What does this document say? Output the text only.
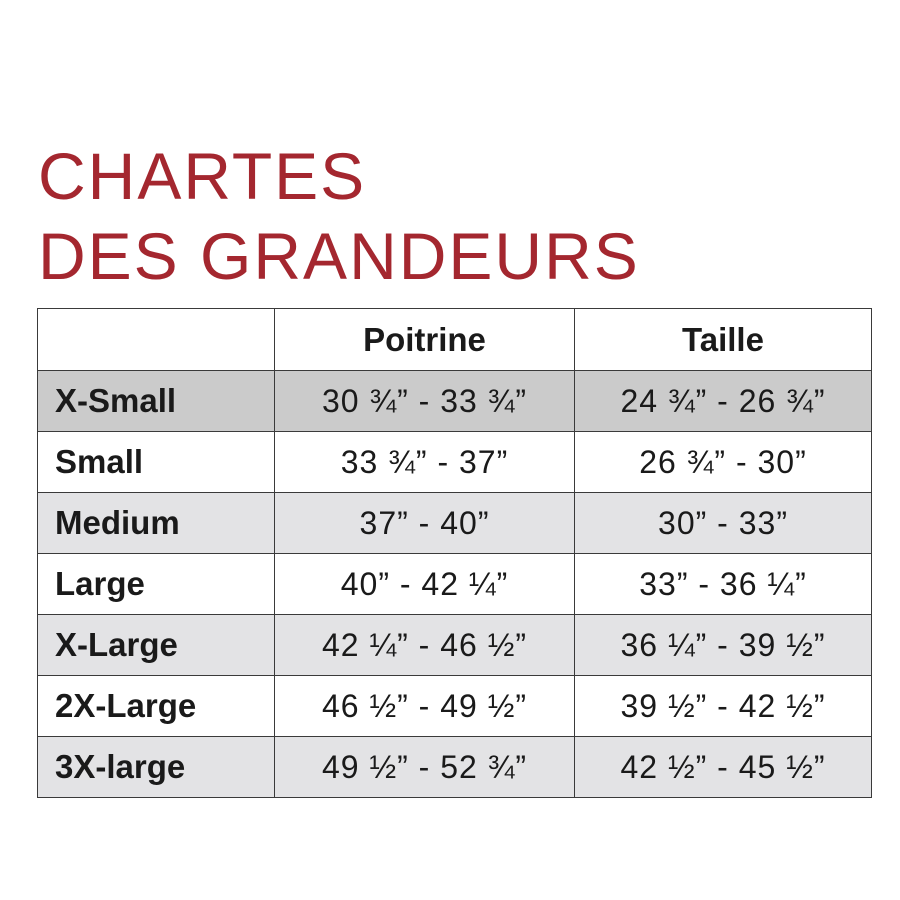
CHARTES
DES GRANDEURS
	Poitrine	Taille
X-Small	30 ¾” - 33 ¾”	24 ¾” - 26 ¾”
Small	33 ¾” - 37”	26 ¾” - 30”
Medium	37” - 40”	30” - 33”
Large	40” - 42 ¼”	33” - 36 ¼”
X-Large	42 ¼” - 46 ½”	36 ¼” - 39 ½”
2X-Large	46 ½” - 49 ½”	39 ½” - 42 ½”
3X-large	49 ½” - 52 ¾”	42 ½” - 45 ½”
